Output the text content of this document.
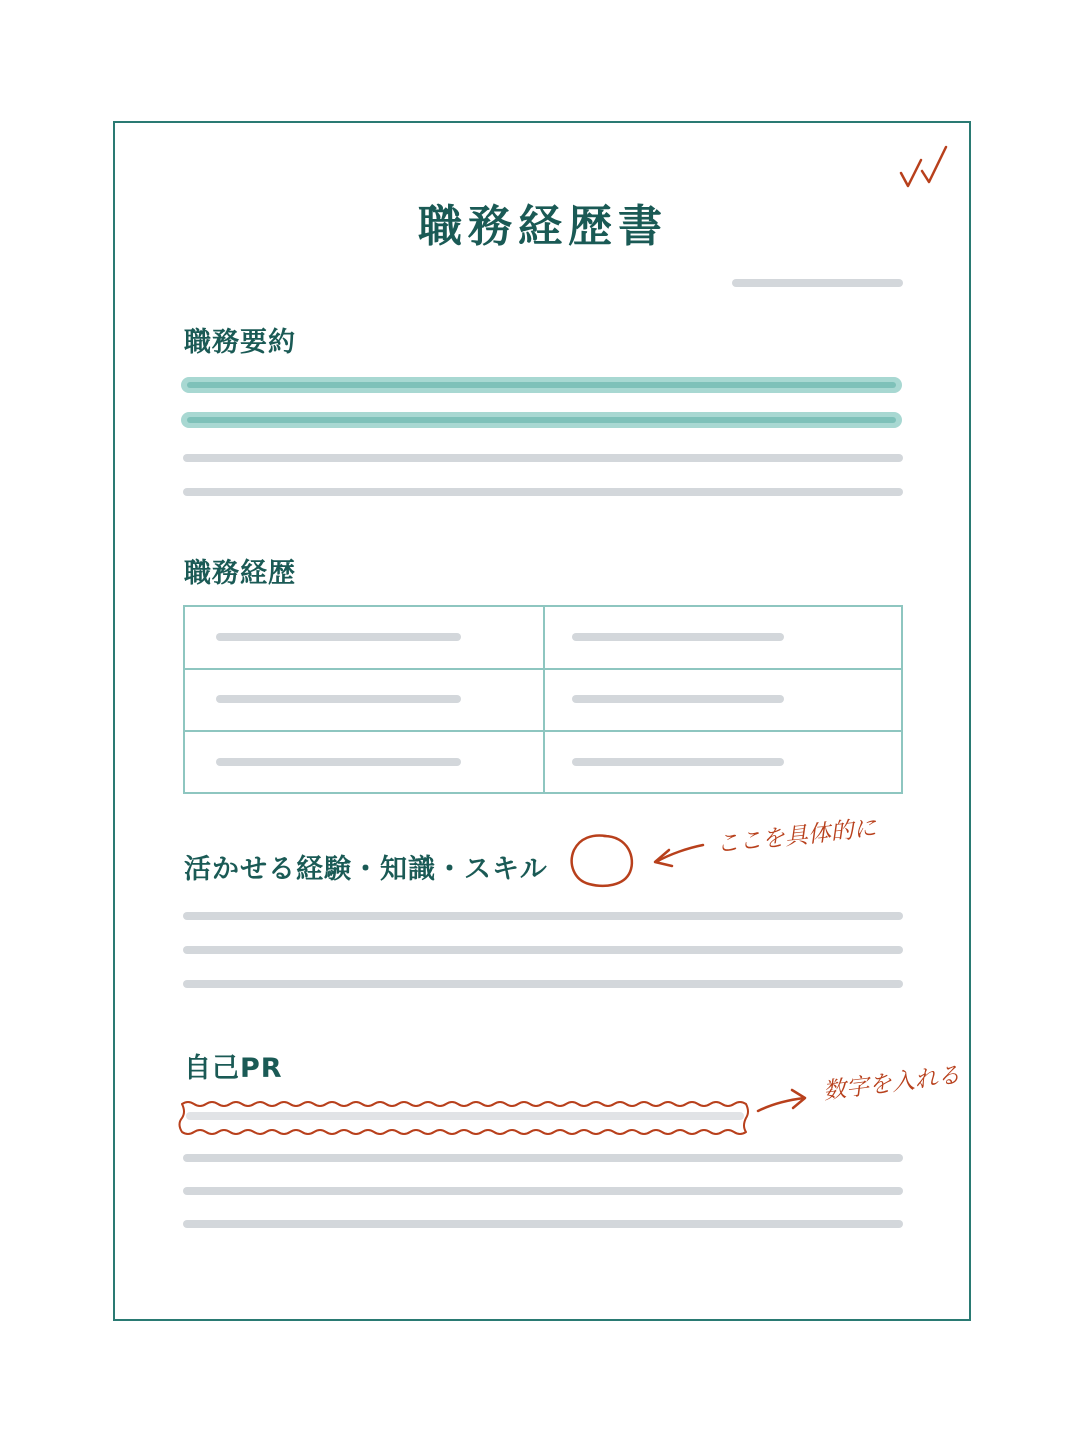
職務経歴書
職務要約
職務経歴
活かせる経験・知識・スキル
ここを具体的に
自己PR	数字を入れる
